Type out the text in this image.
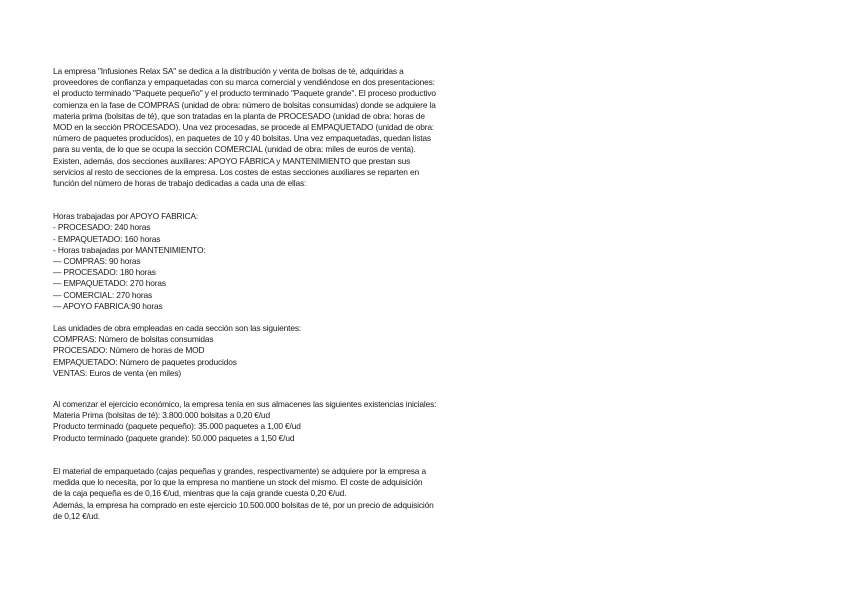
La empresa "Infusiones Relax SA" se dedica a la distribución y venta de bolsas de té, adquiridas a
proveedores de confianza y empaquetadas con su marca comercial y vendiéndose en dos presentaciones:
el producto terminado "Paquete pequeño" y el producto terminado "Paquete grande". El proceso productivo
comienza en la fase de COMPRAS (unidad de obra: número de bolsitas consumidas) donde se adquiere la
materia prima (bolsitas de té), que son tratadas en la planta de PROCESADO (unidad de obra: horas de
MOD en la sección PROCESADO). Una vez procesadas, se procede al EMPAQUETADO (unidad de obra:
número de paquetes producidos), en paquetes de 10 y 40 bolsitas. Una vez empaquetadas, quedan listas
para su venta, de lo que se ocupa la sección COMERCIAL (unidad de obra: miles de euros de venta).
Existen, además, dos secciones auxiliares: APOYO FÁBRICA y MANTENIMIENTO que prestan sus
servicios al resto de secciones de la empresa. Los costes de estas secciones auxiliares se reparten en
función del número de horas de trabajo dedicadas a cada una de ellas:
Horas trabajadas por APOYO FABRICA:
- PROCESADO: 240 horas
- EMPAQUETADO: 160 horas
- Horas trabajadas por MANTENIMIENTO:
— COMPRAS: 90 horas
— PROCESADO: 180 horas
— EMPAQUETADO: 270 horas
— COMERCIAL: 270 horas
— APOYO FABRICA:90 horas
Las unidades de obra empleadas en cada sección son las siguientes:
COMPRAS: Número de bolsitas consumidas
PROCESADO: Número de horas de MOD
EMPAQUETADO: Número de paquetes producidos
VENTAS: Euros de venta (en miles)
Al comenzar el ejercicio económico, la empresa tenía en sus almacenes las siguientes existencias iniciales:
Materia Prima (bolsitas de té): 3.800.000 bolsitas a 0,20 €/ud
Producto terminado (paquete pequeño): 35.000 paquetes a 1,00 €/ud
Producto terminado (paquete grande): 50.000 paquetes a 1,50 €/ud
El material de empaquetado (cajas pequeñas y grandes, respectivamente) se adquiere por la empresa a
medida que lo necesita, por lo que la empresa no mantiene un stock del mismo. El coste de adquisición
de la caja pequeña es de 0,16 €/ud, mientras que la caja grande cuesta 0,20 €/ud.
Además, la empresa ha comprado en este ejercicio 10.500.000 bolsitas de té, por un precio de adquisición
de 0,12 €/ud.
